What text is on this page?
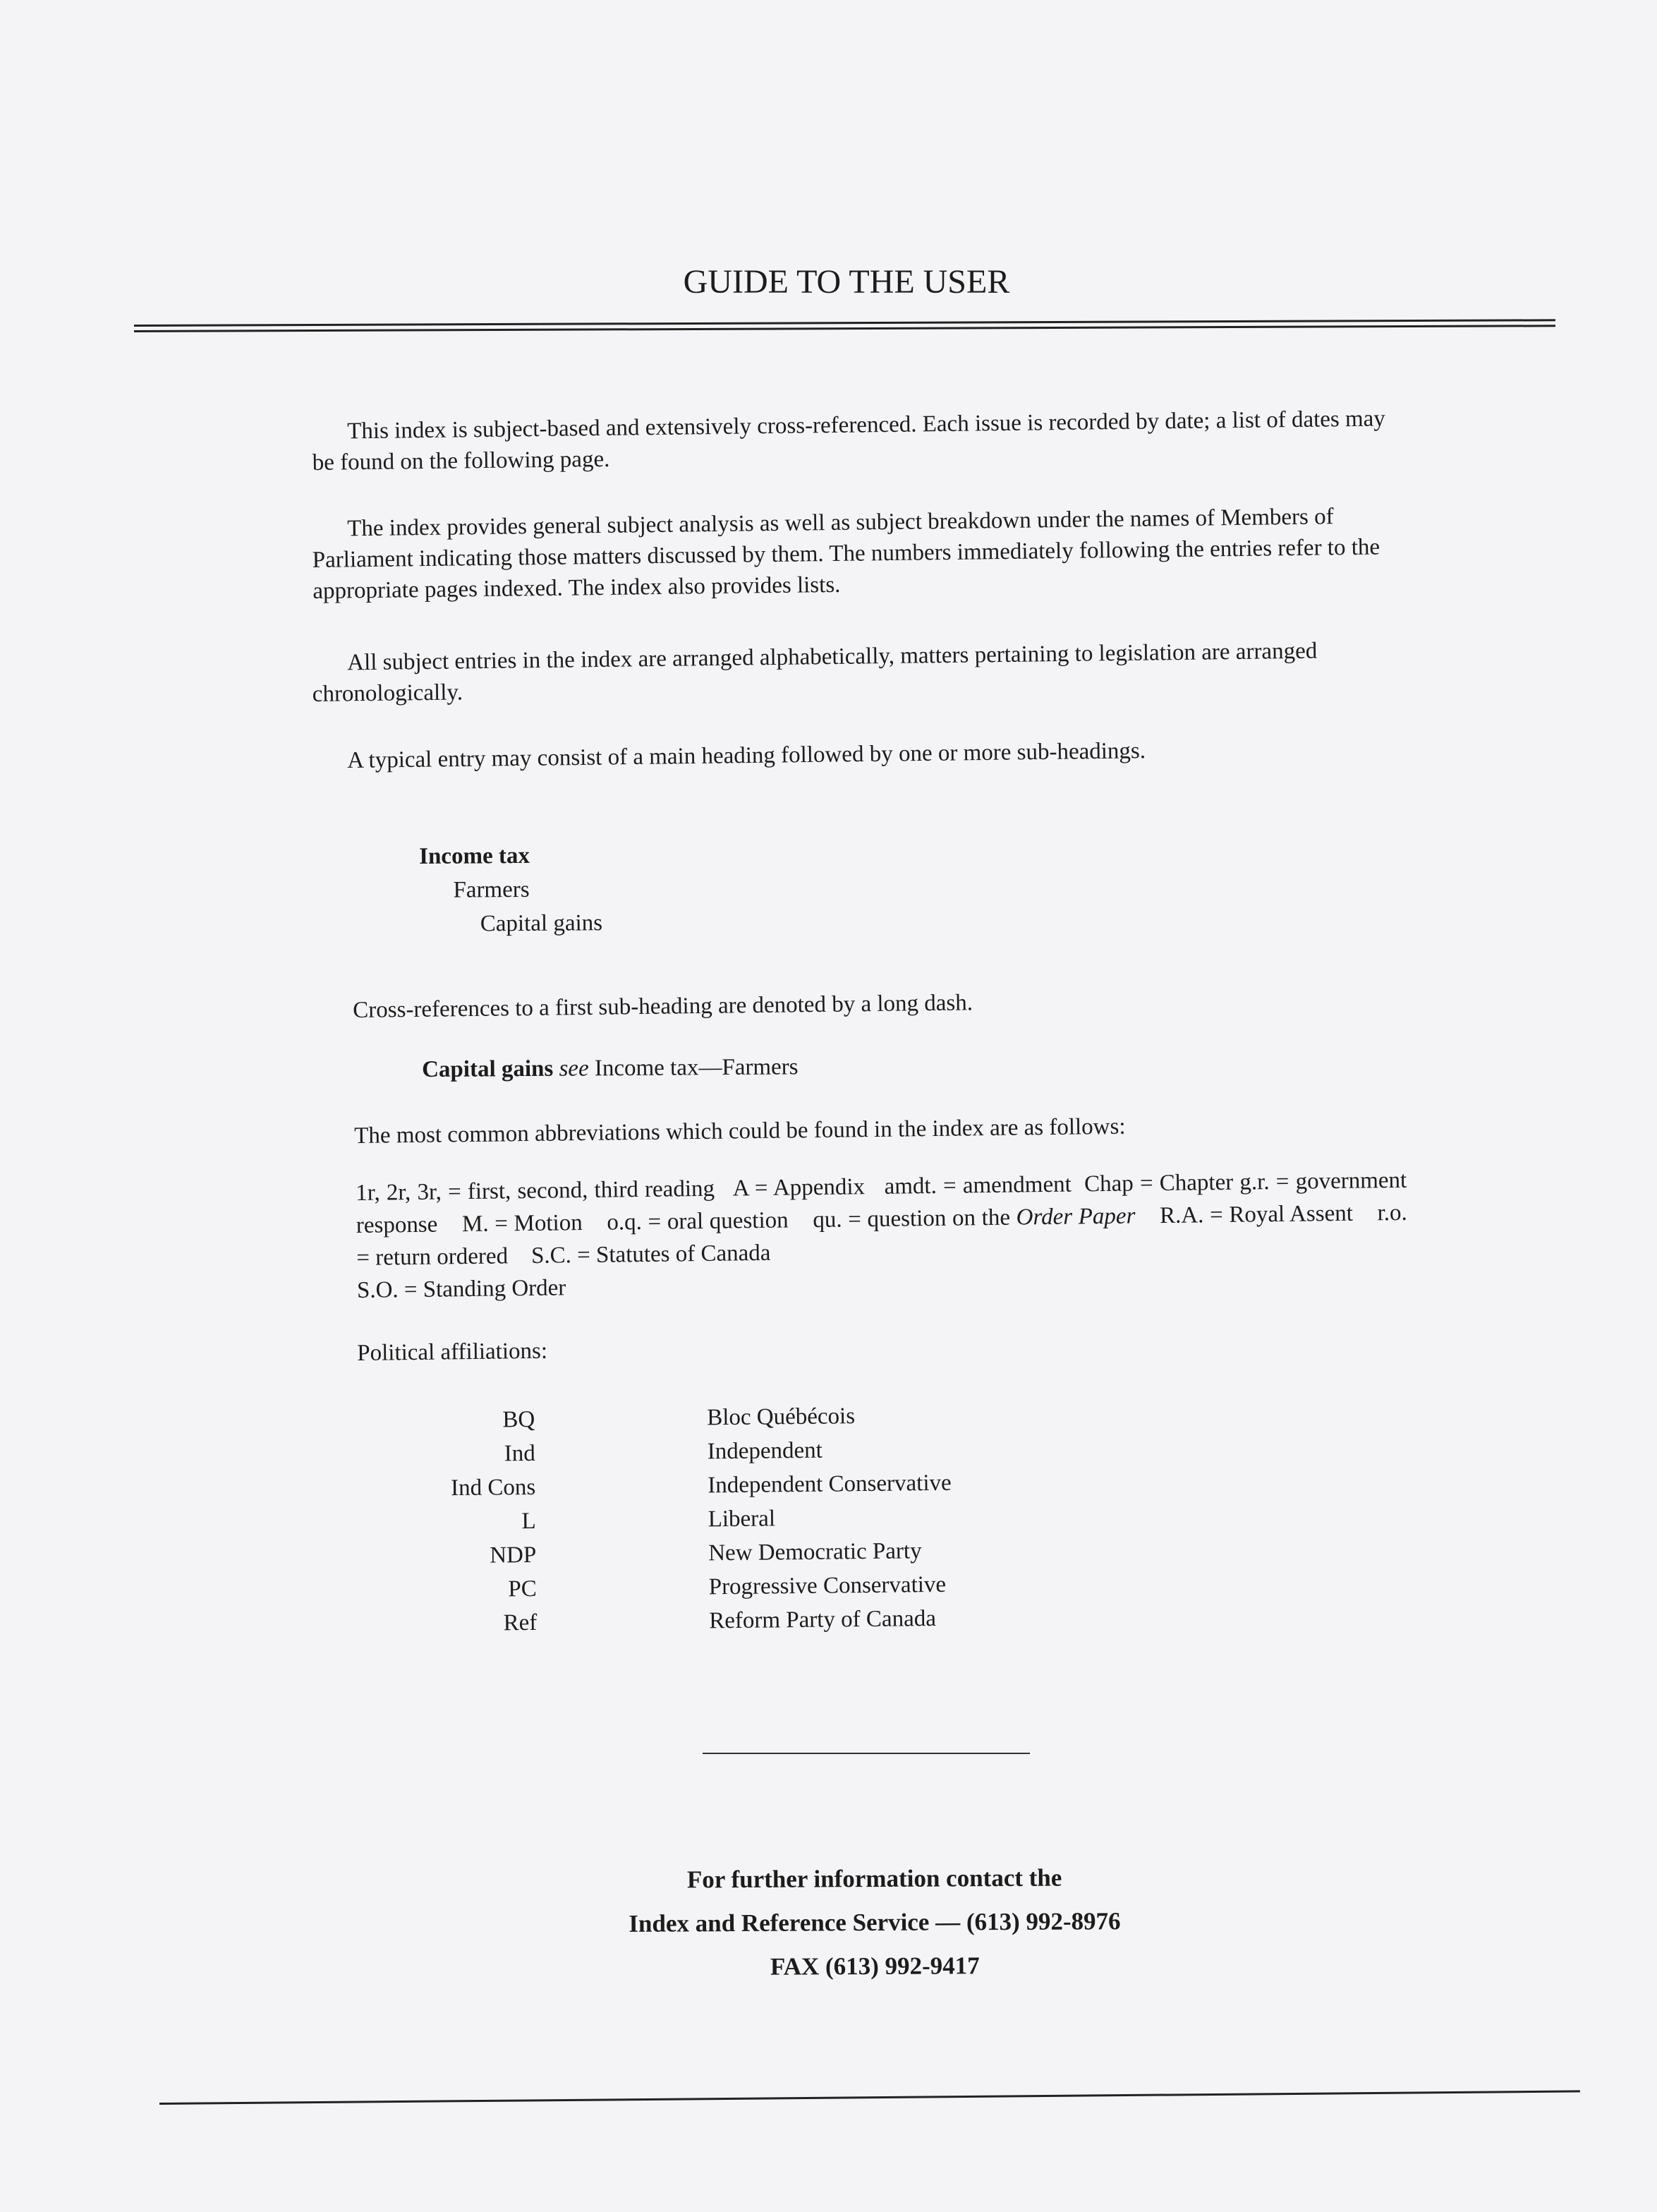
GUIDE TO THE USER

This index is subject-based and extensively cross-referenced. Each issue is recorded by date; a list of dates may be found on the following page.

The index provides general subject analysis as well as subject breakdown under the names of Members of Parliament indicating those matters discussed by them. The numbers immediately following the entries refer to the appropriate pages indexed. The index also provides lists.

All subject entries in the index are arranged alphabetically, matters pertaining to legislation are arranged chronologically.

A typical entry may consist of a main heading followed by one or more sub-headings.

Income tax
Farmers
Capital gains

Cross-references to a first sub-heading are denoted by a long dash.

Capital gains see Income tax—Farmers

The most common abbreviations which could be found in the index are as follows:

1r, 2r, 3r, = first, second, third reading A = Appendix amdt. = amendment Chap = Chapter g.r. = government response M. = Motion o.q. = oral question qu. = question on the Order Paper R.A. = Royal Assent r.o. = return ordered S.C. = Statutes of Canada
S.O. = Standing Order

Political affiliations:

BQ	Bloc Québécois
Ind	Independent
Ind Cons	Independent Conservative
L	Liberal
NDP	New Democratic Party
PC	Progressive Conservative
Ref	Reform Party of Canada
For further information contact the
Index and Reference Service — (613) 992-8976
FAX (613) 992-9417
